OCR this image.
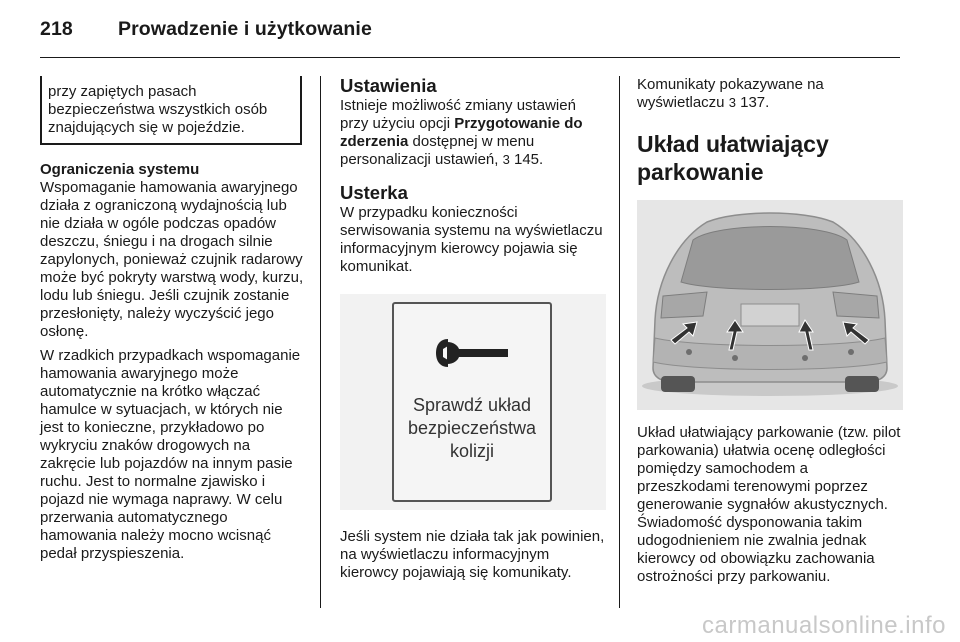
218 Prowadzenie i użytkowanie
przy zapiętych pasach bezpieczeństwa wszystkich osób znajdujących się w pojeździe.
Ograniczenia systemu

Wspomaganie hamowania awaryjnego działa z ograniczoną wydajnością lub nie działa w ogóle podczas opadów deszczu, śniegu i na drogach silnie zapylonych, ponieważ czujnik radarowy może być pokryty warstwą wody, kurzu, lodu lub śniegu. Jeśli czujnik zostanie przesłonięty, należy wyczyścić jego osłonę.

W rzadkich przypadkach wspomaganie hamowania awaryjnego może automatycznie na krótko włączać hamulce w sytuacjach, w których nie jest to konieczne, przykładowo po wykryciu znaków drogowych na zakręcie lub pojazdów na innym pasie ruchu. Jest to normalne zjawisko i pojazd nie wymaga naprawy. W celu przerwania automatycznego hamowania należy mocno wcisnąć pedał przyspieszenia.

Ustawienia

Istnieje możliwość zmiany ustawień przy użyciu opcji Przygotowanie do zderzenia dostępnej w menu personalizacji ustawień, 3 145.

Usterka

W przypadku konieczności serwisowania systemu na wyświetlaczu informacyjnym kierowcy pojawia się komunikat.

Sprawdź układ
bezpieczeństwa
kolizji

Jeśli system nie działa tak jak powinien, na wyświetlaczu informacyjnym kierowcy pojawiają się komunikaty.

Komunikaty pokazywane na wyświetlaczu 3 137.

Układ ułatwiający parkowanie

Układ ułatwiający parkowanie (tzw. pilot parkowania) ułatwia ocenę odległości pomiędzy samochodem a przeszkodami terenowymi poprzez generowanie sygnałów akustycznych. Świadomość dysponowania takim udogodnieniem nie zwalnia jednak kierowcy od obowiązku zachowania ostrożności przy parkowaniu.

carmanualsonline.info
